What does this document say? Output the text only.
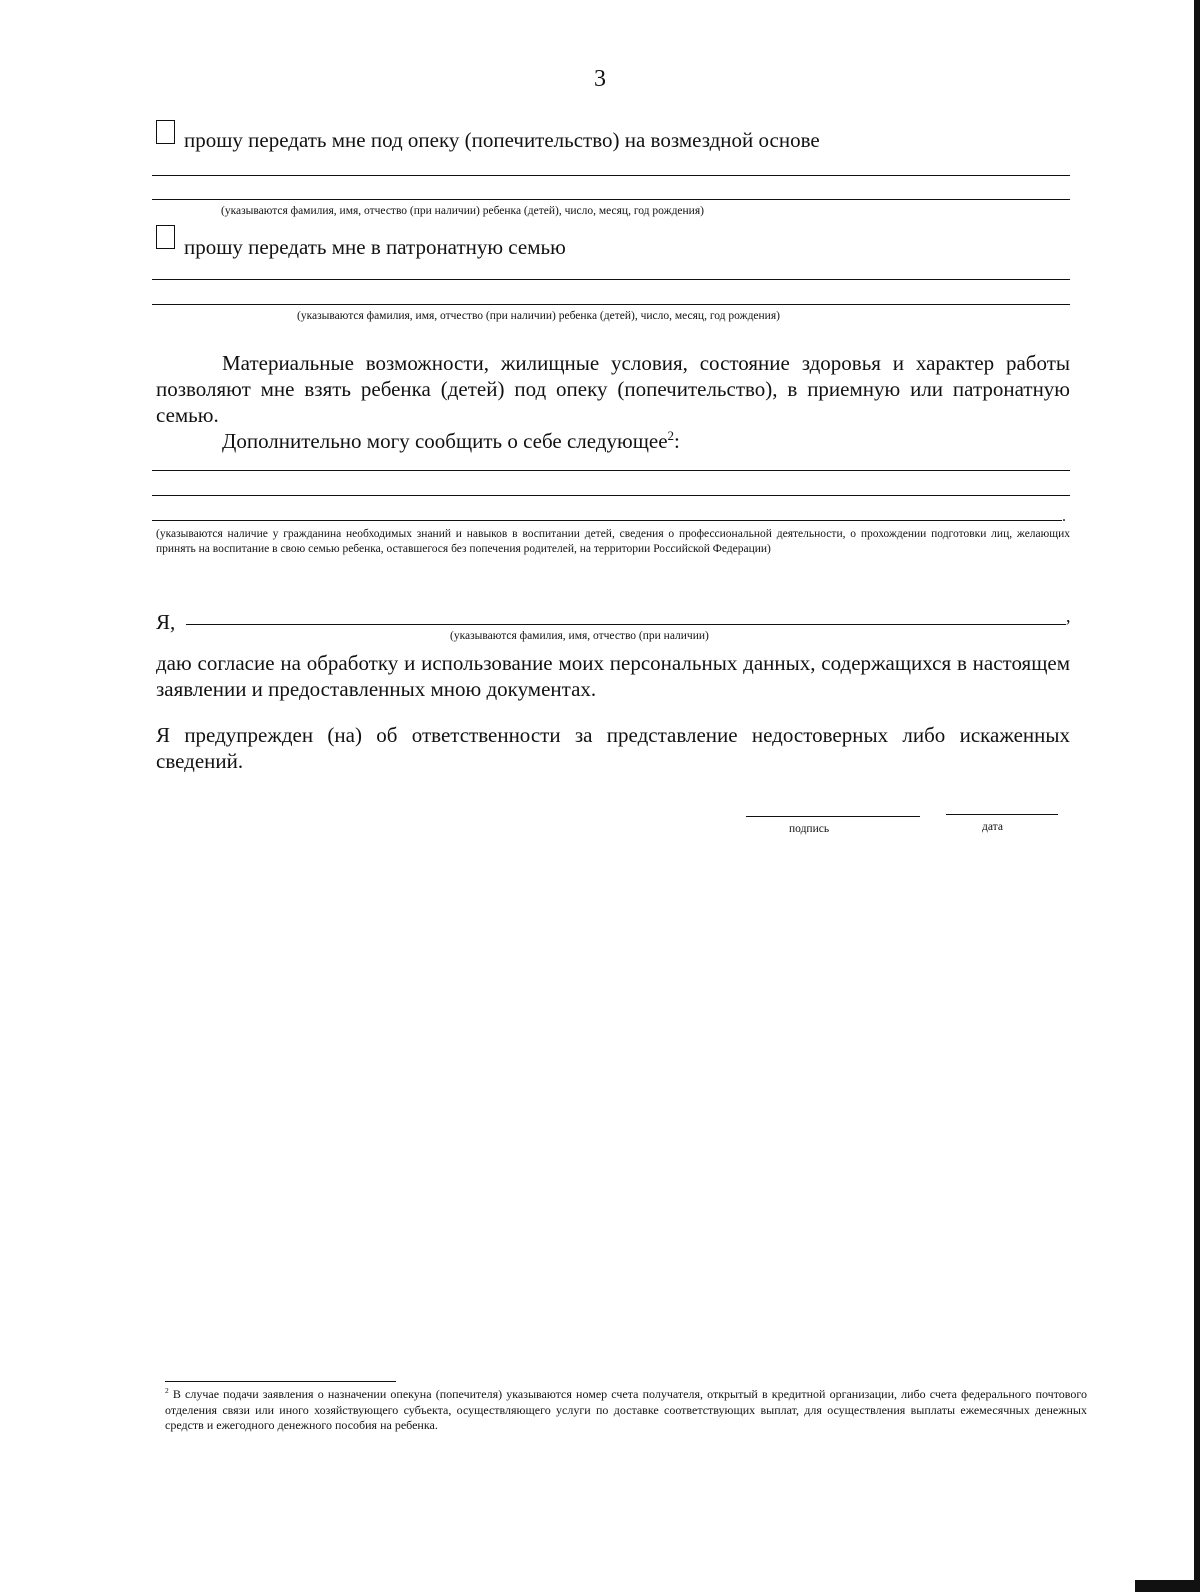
3
прошу передать мне под опеку (попечительство) на возмездной основе
(указываются фамилия, имя, отчество (при наличии) ребенка (детей), число, месяц, год рождения)
прошу передать мне в патронатную семью
(указываются фамилия, имя, отчество (при наличии) ребенка (детей), число, месяц, год рождения)
Материальные возможности, жилищные условия, состояние здоровья и характер работы позволяют мне взять ребенка (детей) под опеку (попечительство), в приемную или патронатную семью.
Дополнительно могу сообщить о себе следующее$^2$:
.
(указываются наличие у гражданина необходимых знаний и навыков в воспитании детей, сведения о профессиональной деятельности, о прохождении подготовки лиц, желающих принять на воспитание в свою семью ребенка, оставшегося без попечения родителей, на территории Российской Федерации)
Я,	,
(указываются фамилия, имя, отчество (при наличии)
даю согласие на обработку и использование моих персональных данных, содержащихся в настоящем заявлении и предоставленных мною документах.
Я предупрежден (на) об ответственности за представление недостоверных либо искаженных сведений.
подпись	дата
$^2$ В случае подачи заявления о назначении опекуна (попечителя) указываются номер счета получателя, открытый в кредитной организации, либо счета федерального почтового отделения связи или иного хозяйствующего субъекта, осуществляющего услуги по доставке соответствующих выплат, для осуществления выплаты ежемесячных денежных средств и ежегодного денежного пособия на ребенка.
